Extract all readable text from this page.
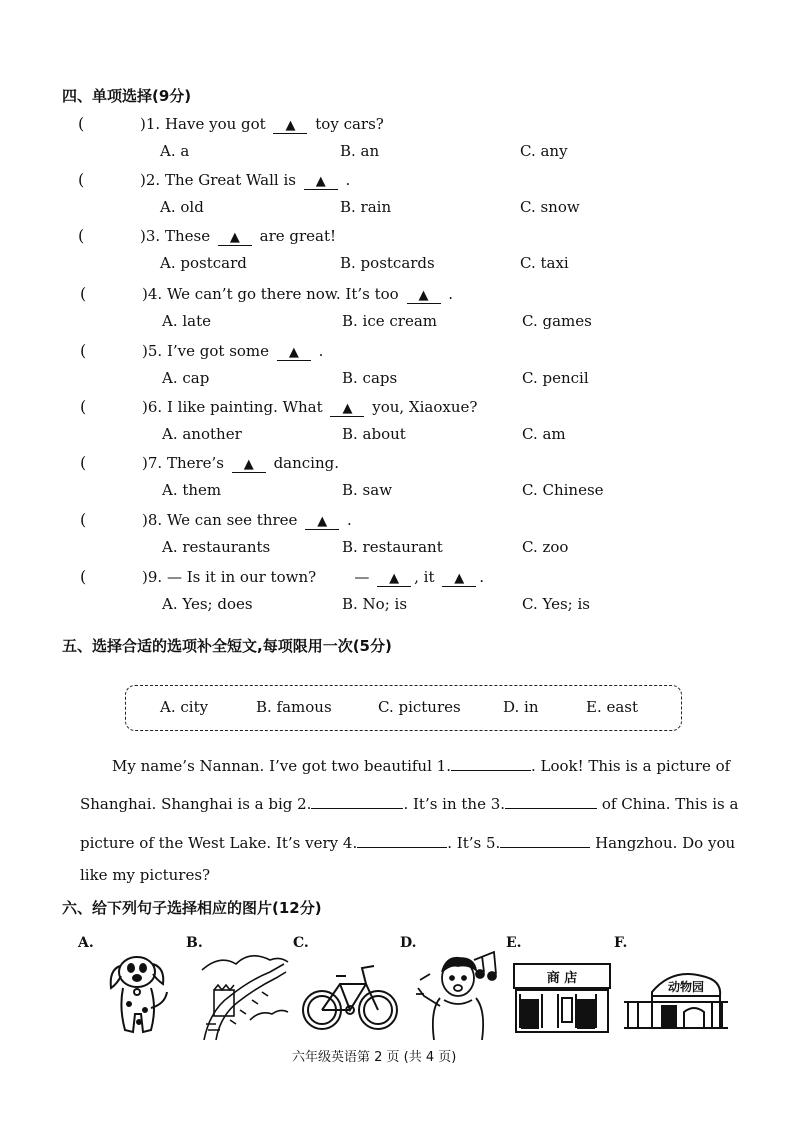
四、单项选择(9分)
(	)1. Have you got ▲ toy cars?
A. a	B. an	C. any
(	)2. The Great Wall is ▲ .
A. old	B. rain	C. snow
(	)3. These ▲ are great!
A. postcard	B. postcards	C. taxi
(	)4. We can’t go there now. It’s too ▲ .
A. late	B. ice cream	C. games
(	)5. I’ve got some ▲ .
A. cap	B. caps	C. pencil
(	)6. I like painting. What ▲ you, Xiaoxue?
A. another	B. about	C. am
(	)7. There’s ▲ dancing.
A. them	B. saw	C. Chinese
(	)8. We can see three ▲ .
A. restaurants	B. restaurant	C. zoo
(	)9. — Is it in our town?	— ▲ , it ▲ .
A. Yes; does	B. No; is	C. Yes; is
五、选择合适的选项补全短文,每项限用一次(5分)
A. city	B. famous	C. pictures	D. in	E. east
My name’s Nannan. I’ve got two beautiful 1.	. Look! This is a picture of
Shanghai. Shanghai is a big 2.	. It’s in the 3.	of China. This is a
picture of the West Lake. It’s very 4.	. It’s 5.	Hangzhou. Do you
like my pictures?
六、给下列句子选择相应的图片(12分)
A.	B.	C.	D.	E.	F.
商 店
动物园
六年级英语第 2 页 (共 4 页)
